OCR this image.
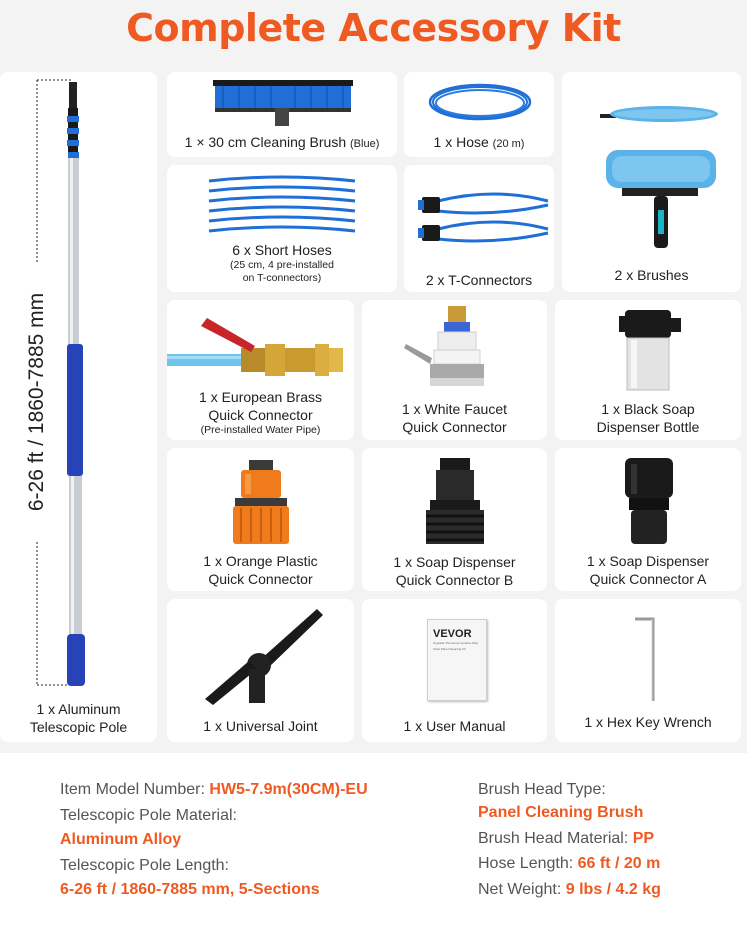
Complete Accessory Kit
6-26 ft / 1860-7885 mm
1 x Aluminum
Telescopic Pole
1 × 30 cm Cleaning Brush (Blue)	1 x Hose (20 m)
2 x Brushes
6 x Short Hoses
(25 cm, 4 pre-installed
on T-connectors)	2 x T-Connectors
1 x European Brass
Quick Connector
(Pre-installed Water Pipe)
1 x White Faucet
Quick Connector
1 x Black Soap
Dispenser Bottle
1 x Orange Plastic
Quick Connector
1 x Soap Dispenser
Quick Connector B
1 x Soap Dispenser
Quick Connector A
1 x Universal Joint
VEVOR
Upgrade The Home Creative Way
Solar Panel Cleaning Kit
1 x User Manual	1 x Hex Key Wrench
Item Model Number: HW5-7.9m(30CM)-EU
Telescopic Pole Material:
Aluminum Alloy
Telescopic Pole Length:
6-26 ft / 1860-7885 mm, 5-Sections
Brush Head Type:
Panel Cleaning Brush
Brush Head Material: PP
Hose Length: 66 ft / 20 m
Net Weight: 9 lbs / 4.2 kg
